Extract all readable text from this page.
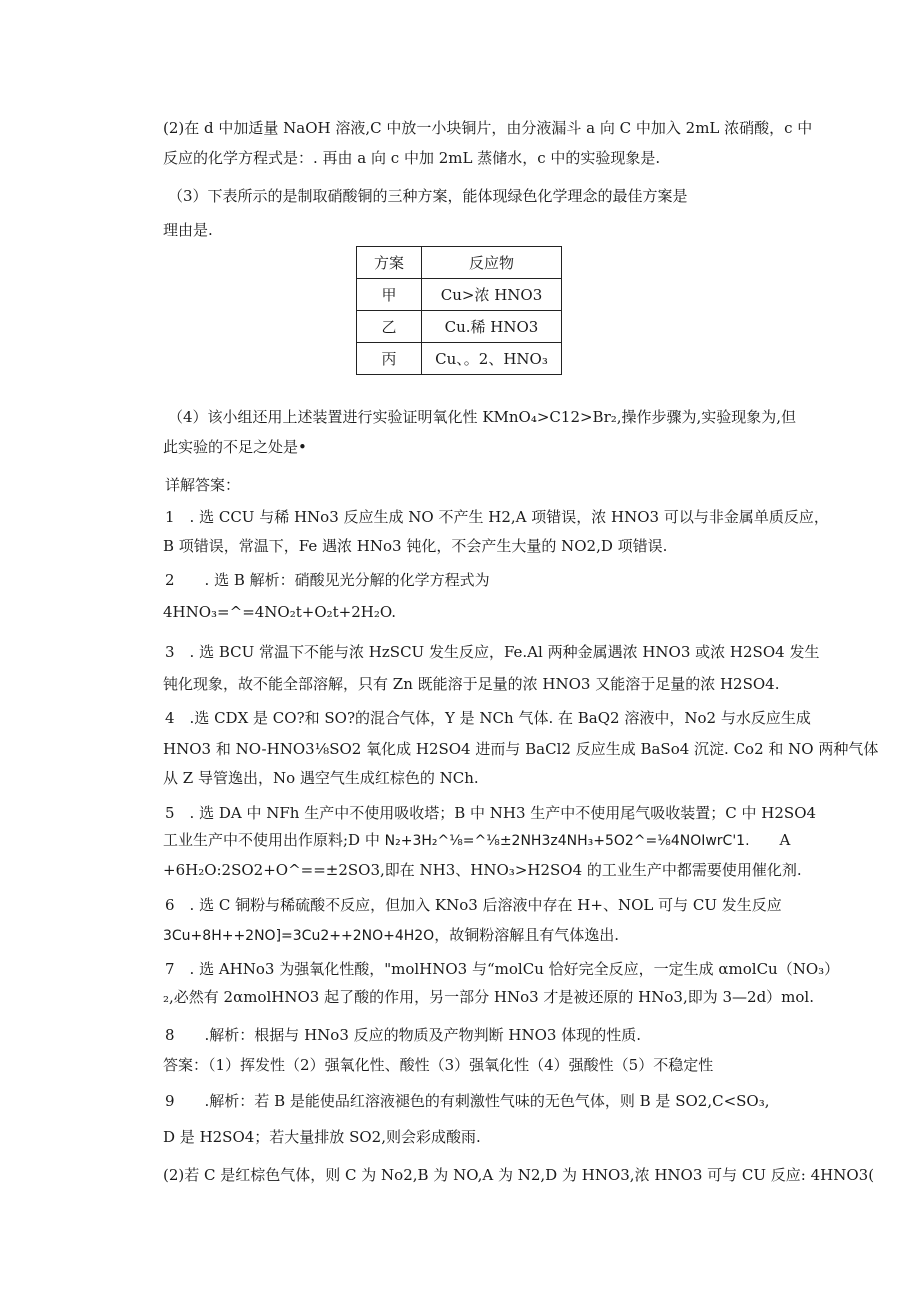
(2)在 d 中加适量 NaOH 溶液,C 中放一小块铜片，由分液漏斗 a 向 C 中加入 2mL 浓硝酸，c 中
反应的化学方程式是：. 再由 a 向 c 中加 2mL 蒸储水，c 中的实验现象是.
（3）下表所示的是制取硝酸铜的三种方案，能体现绿色化学理念的最佳方案是
理由是.
方案	反应物
甲	Cu>浓 HNO3
乙	Cu.稀 HNO3
丙	Cu、。2、HNO₃
（4）该小组还用上述装置进行实验证明氧化性 KMnO₄>C12>Br₂,操作步骤为,实验现象为,但
此实验的不足之处是•
详解答案：
1　. 选 CCU 与稀 HNo3 反应生成 NO 不产生 H2,A 项错误，浓 HNO3 可以与非金属单质反应，
B 项错误，常温下，Fe 遇浓 HNo3 钝化，不会产生大量的 NO2,D 项错误.
2　　. 选 B 解析：硝酸见光分解的化学方程式为
4HNO₃=^=4NO₂t+O₂t+2H₂O.
3　. 选 BCU 常温下不能与浓 HzSCU 发生反应，Fe.Al 两种金属遇浓 HNO3 或浓 H2SO4 发生
钝化现象，故不能全部溶解，只有 Zn 既能溶于足量的浓 HNO3 又能溶于足量的浓 H2SO4.
4　.选 CDX 是 CO?和 SO?的混合气体，Y 是 NCh 气体. 在 BaQ2 溶液中，No2 与水反应生成
HNO3 和 NO-HNO3⅛SO2 氧化成 H2SO4 进而与 BaCl2 反应生成 BaSo4 沉淀. Co2 和 NO 两种气体
从 Z 导管逸出，No 遇空气生成红棕色的 NCh.
5　. 选 DA 中 NFh 生产中不使用吸收塔；B 中 NH3 生产中不使用尾气吸收装置；C 中 H2SO4
工业生产中不使用出作原料;D 中 N₂+3H₂^⅛=^⅛±2NH3z4NH₃+5O2^=⅛4NOIwrC'1.　　A
+6H₂O:2SO2+O^==±2SO3,即在 NH3、HNO₃>H2SO4 的工业生产中都需要使用催化剂.
6　. 选 C 铜粉与稀硫酸不反应，但加入 KNo3 后溶液中存在 H+、NOL 可与 CU 发生反应
3Cu+8H++2NO]=3Cu2++2NO+4H2O，故铜粉溶解且有气体逸出.
7　. 选 AHNo3 为强氧化性酸，"molHNO3 与“molCu 恰好完全反应，一定生成 αmolCu（NO₃）
₂,必然有 2αmolHNO3 起了酸的作用，另一部分 HNo3 才是被还原的 HNo3,即为 3—2d）mol.
8　　.解析：根据与 HNo3 反应的物质及产物判断 HNO3 体现的性质.
答案：（1）挥发性（2）强氧化性、酸性（3）强氧化性（4）强酸性（5）不稳定性
9　　.解析：若 B 是能使品红溶液褪色的有刺激性气味的无色气体，则 B 是 SO2,C<SO₃,
D 是 H2SO4；若大量排放 SO2,则会彩成酸雨.
(2)若 C 是红棕色气体，则 C 为 No2,B 为 NO,A 为 N2,D 为 HNO3,浓 HNO3 可与 CU 反应: 4HNO3(
